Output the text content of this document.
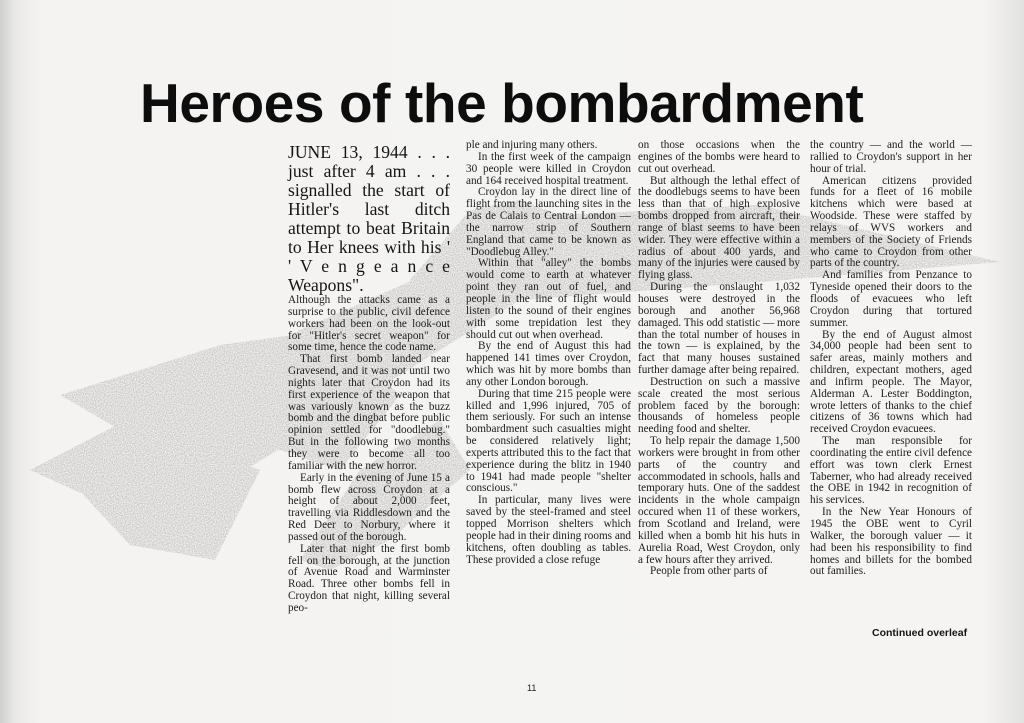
Heroes of the bombardment

JUNE 13, 1944 . . . just after 4 am . . . signalled the start of Hitler's last ditch attempt to beat Britain to Her knees with his ' ' V e n g e a n c e Weapons".

Although the attacks came as a surprise to the public, civil defence workers had been on the look-out for "Hitler's secret weapon" for some time, hence the code name.

That first bomb landed near Gravesend, and it was not until two nights later that Croydon had its first experience of the weapon that was variously known as the buzz bomb and the dingbat before public opinion settled for "doodlebug." But in the following two months they were to become all too familiar with the new horror.

Early in the evening of June 15 a bomb flew across Croydon at a height of about 2,000 feet, travelling via Riddlesdown and the Red Deer to Norbury, where it passed out of the borough.

Later that night the first bomb fell on the borough, at the junction of Avenue Road and Warminster Road. Three other bombs fell in Croydon that night, killing several peo-

ple and injuring many others.

In the first week of the campaign 30 people were killed in Croydon and 164 received hospital treatment.

Croydon lay in the direct line of flight from the launching sites in the Pas de Calais to Central London — the narrow strip of Southern England that came to be known as "Doodlebug Alley."

Within that "alley" the bombs would come to earth at whatever point they ran out of fuel, and people in the line of flight would listen to the sound of their engines with some trepidation lest they should cut out when overhead.

By the end of August this had happened 141 times over Croydon, which was hit by more bombs than any other London borough.

During that time 215 people were killed and 1,996 injured, 705 of them seriously. For such an intense bombardment such casualties might be considered relatively light; experts attributed this to the fact that experience during the blitz in 1940 to 1941 had made people "shelter conscious."

In particular, many lives were saved by the steel-framed and steel topped Morrison shelters which people had in their dining rooms and kitchens, often doubling as tables. These provided a close refuge

on those occasions when the engines of the bombs were heard to cut out overhead.

But although the lethal effect of the doodlebugs seems to have been less than that of high explosive bombs dropped from aircraft, their range of blast seems to have been wider. They were effective within a radius of about 400 yards, and many of the injuries were caused by flying glass.

During the onslaught 1,032 houses were destroyed in the borough and another 56,968 damaged. This odd statistic — more than the total number of houses in the town — is explained, by the fact that many houses sustained further damage after being repaired.

Destruction on such a massive scale created the most serious problem faced by the borough: thousands of homeless people needing food and shelter.

To help repair the damage 1,500 workers were brought in from other parts of the country and accommodated in schools, halls and temporary huts. One of the saddest incidents in the whole campaign occured when 11 of these workers, from Scotland and Ireland, were killed when a bomb hit his huts in Aurelia Road, West Croydon, only a few hours after they arrived.

People from other parts of

the country — and the world — rallied to Croydon's support in her hour of trial.

American citizens provided funds for a fleet of 16 mobile kitchens which were based at Woodside. These were staffed by relays of WVS workers and members of the Society of Friends who came to Croydon from other parts of the country.

And families from Penzance to Tyneside opened their doors to the floods of evacuees who left Croydon during that tortured summer.

By the end of August almost 34,000 people had been sent to safer areas, mainly mothers and children, expectant mothers, aged and infirm people. The Mayor, Alderman A. Lester Boddington, wrote letters of thanks to the chief citizens of 36 towns which had received Croydon evacuees.

The man responsible for coordinating the entire civil defence effort was town clerk Ernest Taberner, who had already received the OBE in 1942 in recognition of his services.

In the New Year Honours of 1945 the OBE went to Cyril Walker, the borough valuer — it had been his responsibility to find homes and billets for the bombed out families.

Continued overleaf
11
